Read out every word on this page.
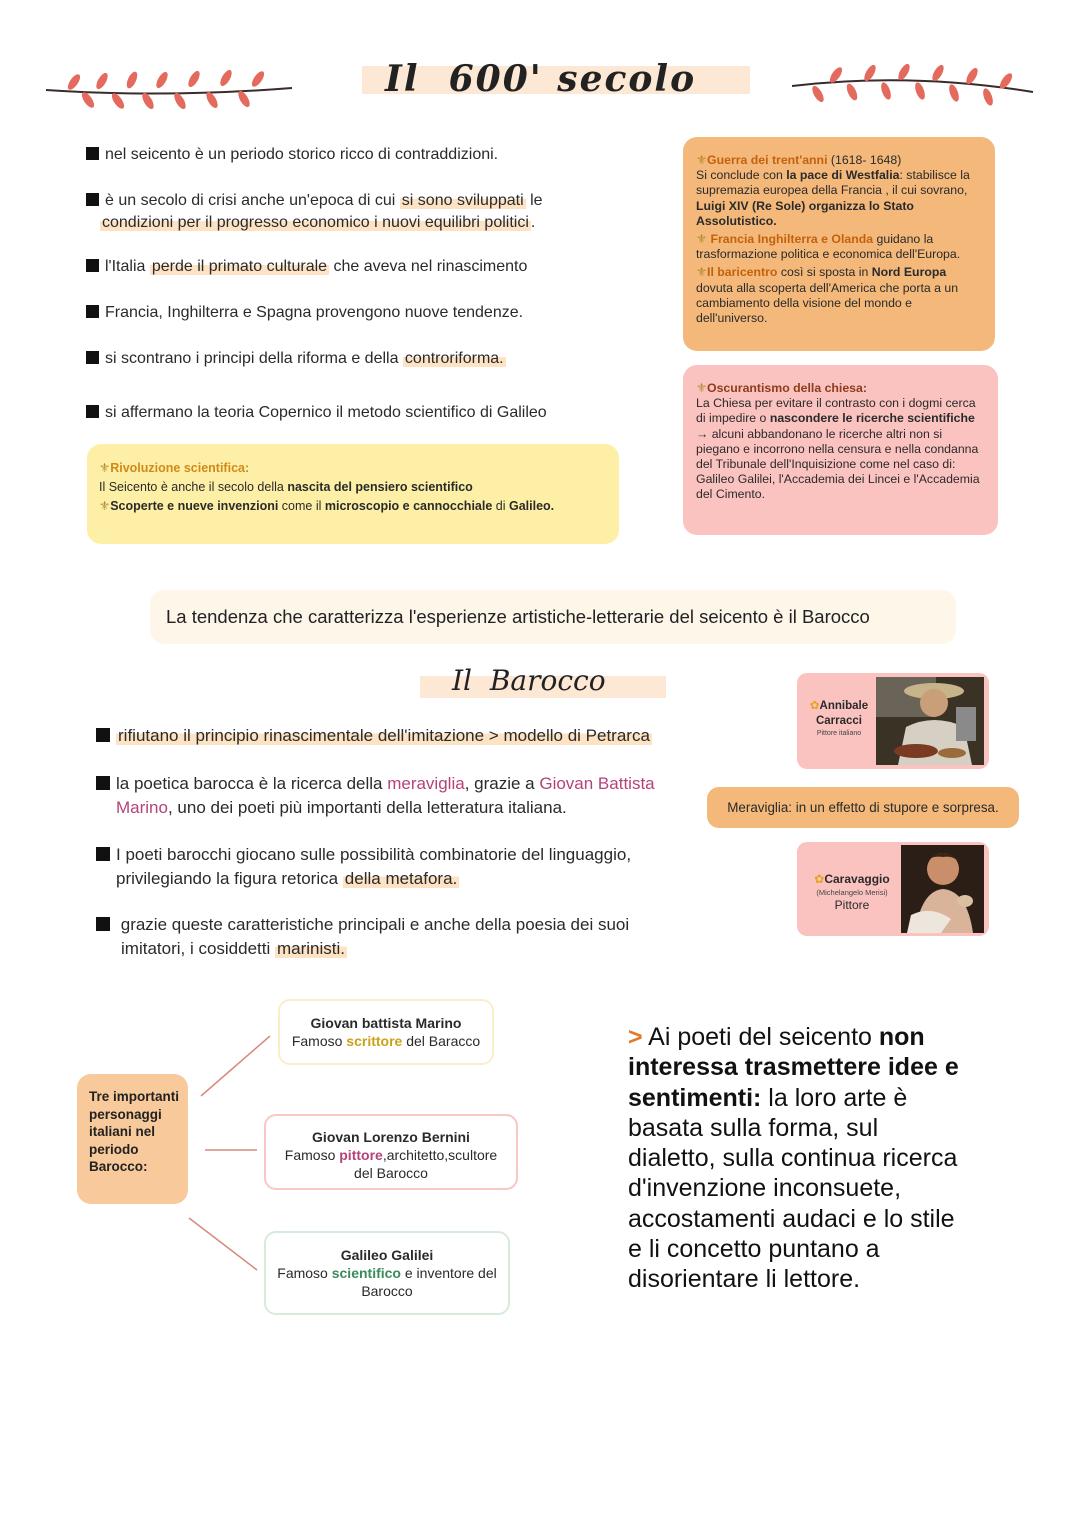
Il 600' secolo
nel seicento è un periodo storico ricco di contraddizioni.
è un secolo di crisi anche un'epoca di cui si sono sviluppati le
condizioni per il progresso economico i nuovi equilibri politici .
l'Italia perde il primato culturale che aveva nel rinascimento
Francia, Inghilterra e Spagna provengono nuove tendenze.
si scontrano i principi della riforma e della controriforma.
si affermano la teoria Copernico il metodo scientifico di Galileo
⚜Rivoluzione scientifica:
Il Seicento è anche il secolo della nascita del pensiero scientifico
⚜Scoperte e nueve invenzioni come il microscopio e cannocchiale di Galileo.
⚜Guerra dei trent'anni (1618- 1648)
Si conclude con la pace di Westfalia: stabilisce la supremazia europea della Francia , il cui sovrano, Luigi XIV (Re Sole) organizza lo Stato Assolutistico.

⚜ Francia Inghilterra e Olanda guidano la trasformazione politica e economica dell'Europa.

⚜Il baricentro così si sposta in Nord Europa dovuta alla scoperta dell'America che porta a un cambiamento della visione del mondo e dell'universo.
⚜Oscurantismo della chiesa:
La Chiesa per evitare il contrasto con i dogmi cerca di impedire o nascondere le ricerche scientifiche
→ alcuni abbandonano le ricerche altri non si piegano e incorrono nella censura e nella condanna del Tribunale dell'Inquisizione come nel caso di: Galileo Galilei, l'Accademia dei Lincei e l'Accademia del Cimento.
La tendenza che caratterizza l'esperienze artistiche-letterarie del seicento è il Barocco
Il Barocco
rifiutano il principio rinascimentale dell'imitazione > modello di Petrarca
la poetica barocca è la ricerca della meraviglia, grazie a Giovan Battista
Marino, uno dei poeti più importanti della letteratura italiana.
I poeti barocchi giocano sulle possibilità combinatorie del linguaggio,
privilegiando la figura retorica della metafora.
grazie queste caratteristiche principali e anche della poesia dei suoi
imitatori, i cosiddetti marinisti.
✿Annibale Carracci

Pittore italiano
Meraviglia: in un effetto di stupore e sorpresa.
✿Caravaggio

(Michelangelo Merisi)
Pittore
Tre importanti personaggi italiani nel periodo Barocco:
Giovan battista Marino
Famoso scrittore del Baracco
Giovan Lorenzo Bernini
Famoso pittore,architetto,scultore del Barocco
Galileo Galilei
Famoso scientifico e inventore del Barocco
> Ai poeti del seicento non interessa trasmettere idee e sentimenti: la loro arte è basata sulla forma, sul dialetto, sulla continua ricerca d'invenzione inconsuete, accostamenti audaci e lo stile e li concetto puntano a disorientare li lettore.
